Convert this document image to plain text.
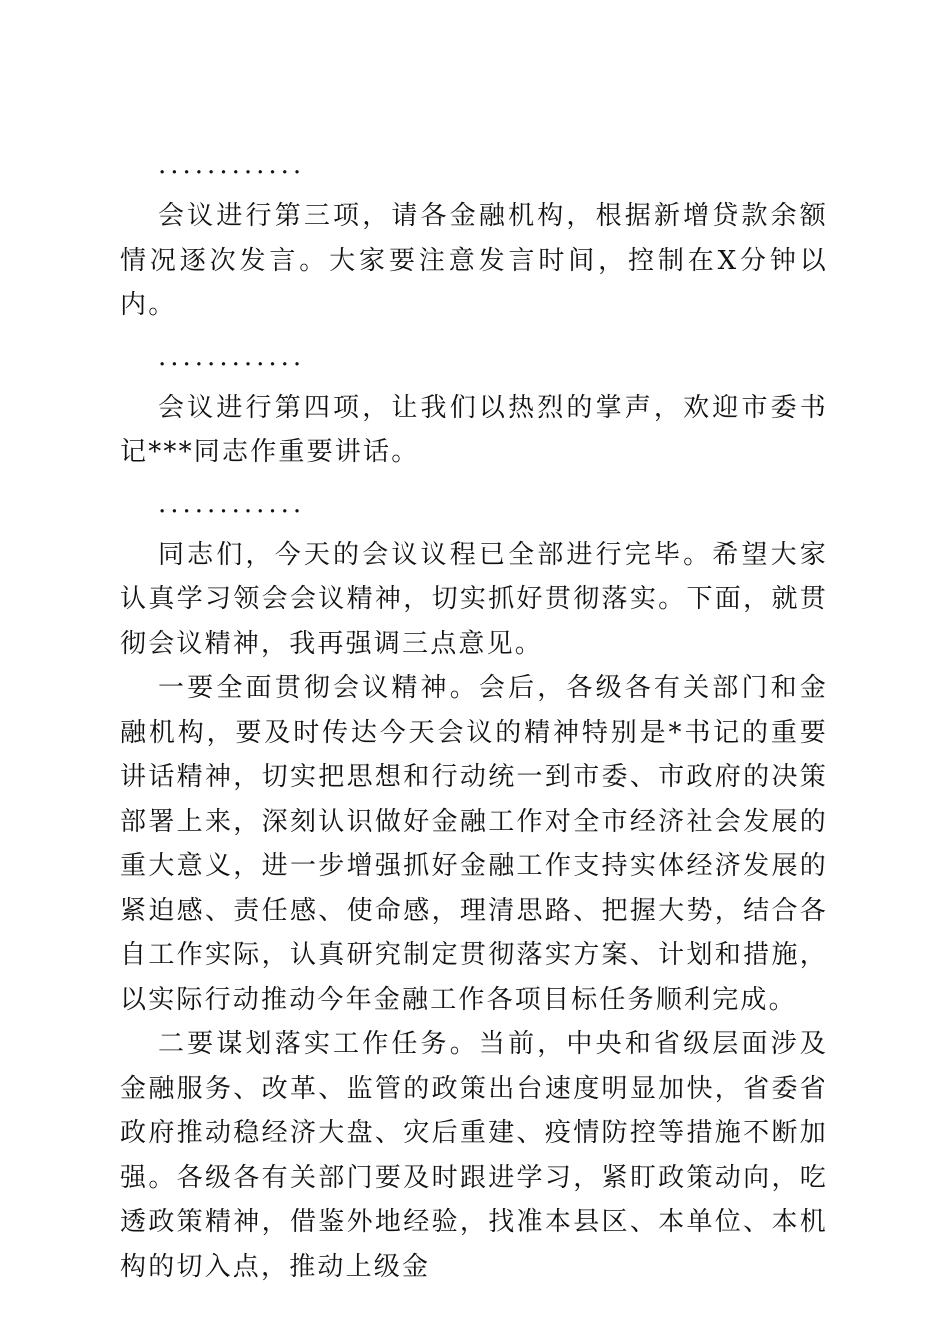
............

会议进行第三项，请各金融机构，根据新增贷款余额情况逐次发言。大家要注意发言时间，控制在X分钟以内。

............

会议进行第四项，让我们以热烈的掌声，欢迎市委书记***同志作重要讲话。

............

同志们，今天的会议议程已全部进行完毕。希望大家认真学习领会会议精神，切实抓好贯彻落实。下面，就贯彻会议精神，我再强调三点意见。

一要全面贯彻会议精神。会后，各级各有关部门和金融机构，要及时传达今天会议的精神特别是*书记的重要讲话精神，切实把思想和行动统一到市委、市政府的决策部署上来，深刻认识做好金融工作对全市经济社会发展的重大意义，进一步增强抓好金融工作支持实体经济发展的紧迫感、责任感、使命感，理清思路、把握大势，结合各自工作实际，认真研究制定贯彻落实方案、计划和措施，以实际行动推动今年金融工作各项目标任务顺利完成。

二要谋划落实工作任务。当前，中央和省级层面涉及金融服务、改革、监管的政策出台速度明显加快，省委省政府推动稳经济大盘、灾后重建、疫情防控等措施不断加强。各级各有关部门要及时跟进学习，紧盯政策动向，吃透政策精神，借鉴外地经验，找准本县区、本单位、本机构的切入点，推动上级金
